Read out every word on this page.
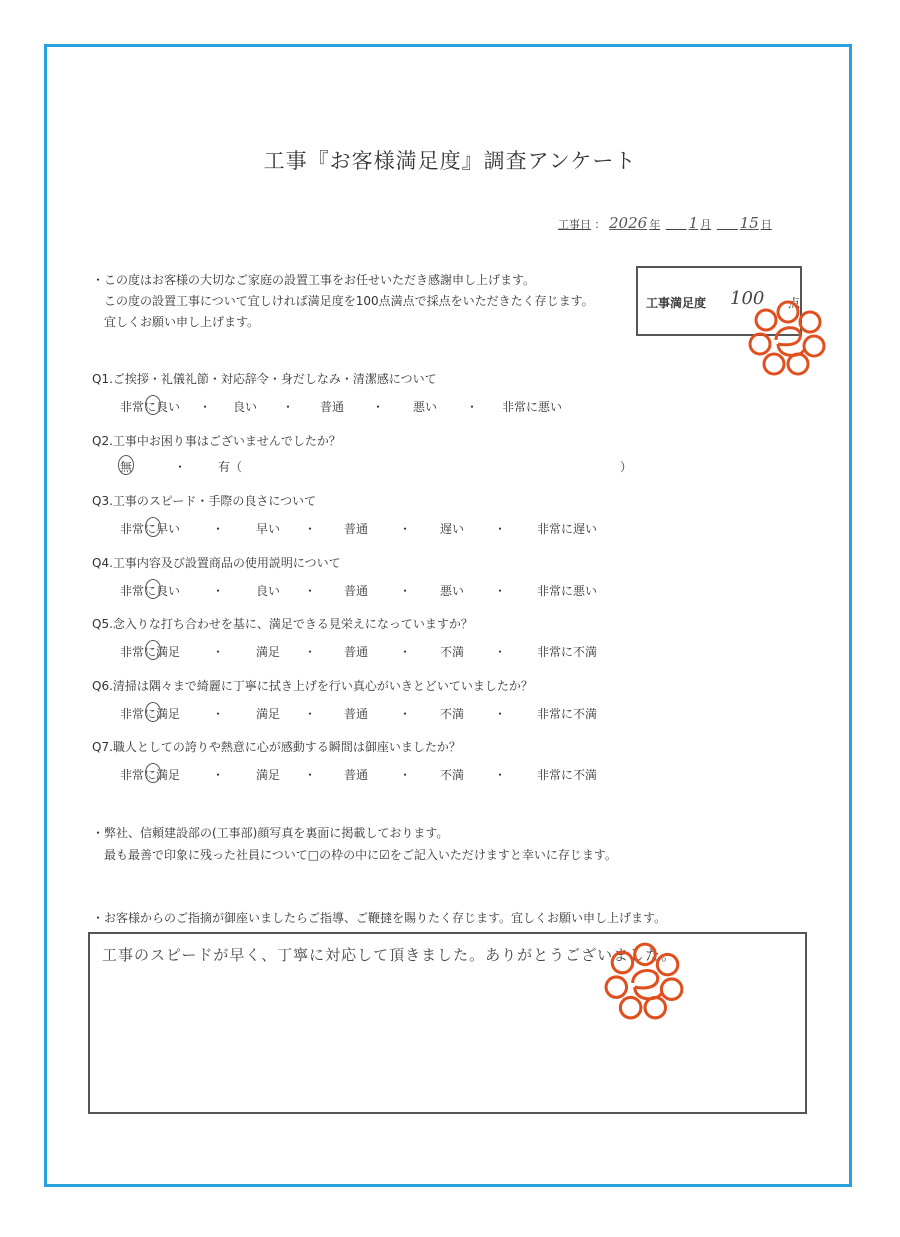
工事『お客様満足度』調査アンケート
工事日 ： 2026 年 1 月 15 日

・この度はお客様の大切なご家庭の設置工事をお任せいただき感謝申し上げます。

この度の設置工事について宜しければ満足度を100点満点で採点をいただきたく存じます。

宜しくお願い申し上げます。

工事満足度 100 点
Q1.ご挨拶・礼儀礼節・対応辞令・身だしなみ・清潔感について
非常に良い ・ 良い ・ 普通 ・ 悪い ・ 非常に悪い
Q2.工事中お困り事はございませんでしたか？
無	・	有（	）
Q3.工事のスピード・手際の良さについて
非常に早い	・	早い ・ 普通	・ 遅い ・	非常に遅い
Q4.工事内容及び設置商品の使用説明について
非常に良い	・	良い ・ 普通	・ 悪い ・	非常に悪い
Q5.念入りな打ち合わせを基に、満足できる見栄えになっていますか？
非常に満足	・	満足 ・ 普通	・ 不満 ・	非常に不満
Q6.清掃は隅々まで綺麗に丁寧に拭き上げを行い真心がいきとどいていましたか？
非常に満足	・	満足 ・ 普通	・ 不満 ・	非常に不満
Q7.職人としての誇りや熱意に心が感動する瞬間は御座いましたか？
非常に満足	・	満足 ・ 普通	・ 不満 ・	非常に不満

・弊社、信頼建設部の(工事部)顔写真を裏面に掲載しております。

最も最善で印象に残った社員について□の枠の中に☑をご記入いただけますと幸いに存じます。

・お客様からのご指摘が御座いましたらご指導、ご鞭撻を賜りたく存じます。宜しくお願い申し上げます。
工事のスピードが早く、丁寧に対応して頂きました。ありがとうございました。
